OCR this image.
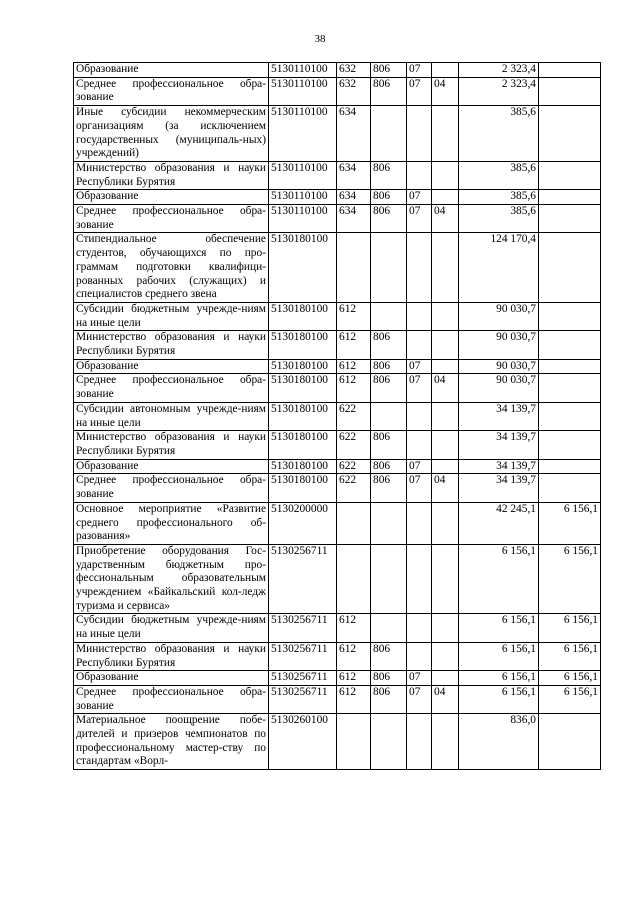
38
Образование	5130110100	632	806	07		2 323,4	
Среднее профессиональное обра-зование	5130110100	632	806	07	04	2 323,4	
Иные субсидии некоммерческим организациям (за исключением государственных (муниципаль-ных) учреждений)	5130110100	634				385,6	
Министерство образования и науки Республики Бурятия	5130110100	634	806			385,6	
Образование	5130110100	634	806	07		385,6	
Среднее профессиональное обра-зование	5130110100	634	806	07	04	385,6	
Стипендиальное обеспечение студентов, обучающихся по про-граммам подготовки квалифици-рованных рабочих (служащих) и специалистов среднего звена	5130180100					124 170,4	
Субсидии бюджетным учрежде-ниям на иные цели	5130180100	612				90 030,7	
Министерство образования и науки Республики Бурятия	5130180100	612	806			90 030,7	
Образование	5130180100	612	806	07		90 030,7	
Среднее профессиональное обра-зование	5130180100	612	806	07	04	90 030,7	
Субсидии автономным учрежде-ниям на иные цели	5130180100	622				34 139,7	
Министерство образования и науки Республики Бурятия	5130180100	622	806			34 139,7	
Образование	5130180100	622	806	07		34 139,7	
Среднее профессиональное обра-зование	5130180100	622	806	07	04	34 139,7	
Основное мероприятие «Развитие среднего профессионального об-разования»	5130200000					42 245,1	6 156,1
Приобретение оборудования Гос-ударственным бюджетным про-фессиональным образовательным учреждением «Байкальский кол-ледж туризма и сервиса»	5130256711					6 156,1	6 156,1
Субсидии бюджетным учрежде-ниям на иные цели	5130256711	612				6 156,1	6 156,1
Министерство образования и науки Республики Бурятия	5130256711	612	806			6 156,1	6 156,1
Образование	5130256711	612	806	07		6 156,1	6 156,1
Среднее профессиональное обра-зование	5130256711	612	806	07	04	6 156,1	6 156,1
Материальное поощрение побе-дителей и призеров чемпионатов по профессиональному мастер-ству по стандартам «Ворл-	5130260100					836,0	
